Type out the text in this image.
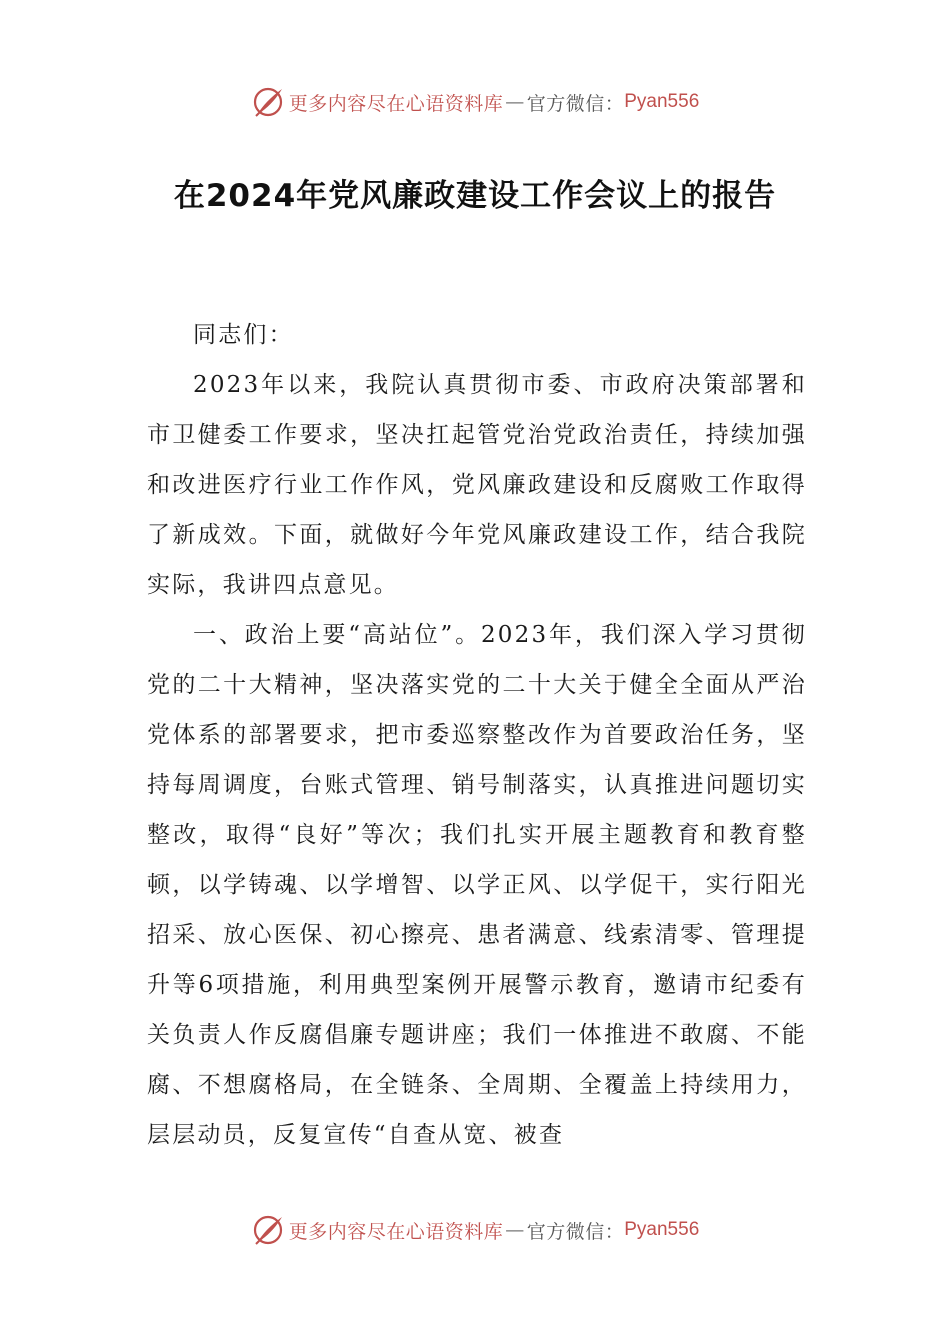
更多内容尽在心语资料库 — 官方微信： Pyan556
在2024年党风廉政建设工作会议上的报告

同志们：

2023年以来，我院认真贯彻市委、市政府决策部署和市卫健委工作要求，坚决扛起管党治党政治责任，持续加强和改进医疗行业工作作风，党风廉政建设和反腐败工作取得了新成效。下面，就做好今年党风廉政建设工作，结合我院实际，我讲四点意见。

一、政治上要“高站位”。2023年，我们深入学习贯彻党的二十大精神，坚决落实党的二十大关于健全全面从严治党体系的部署要求，把市委巡察整改作为首要政治任务，坚持每周调度，台账式管理、销号制落实，认真推进问题切实整改，取得“良好”等次；我们扎实开展主题教育和教育整顿，以学铸魂、以学增智、以学正风、以学促干，实行阳光招采、放心医保、初心擦亮、患者满意、线索清零、管理提升等6项措施，利用典型案例开展警示教育，邀请市纪委有关负责人作反腐倡廉专题讲座；我们一体推进不敢腐、不能腐、不想腐格局，在全链条、全周期、全覆盖上持续用力，层层动员，反复宣传“自查从宽、被查

更多内容尽在心语资料库 — 官方微信： Pyan556
